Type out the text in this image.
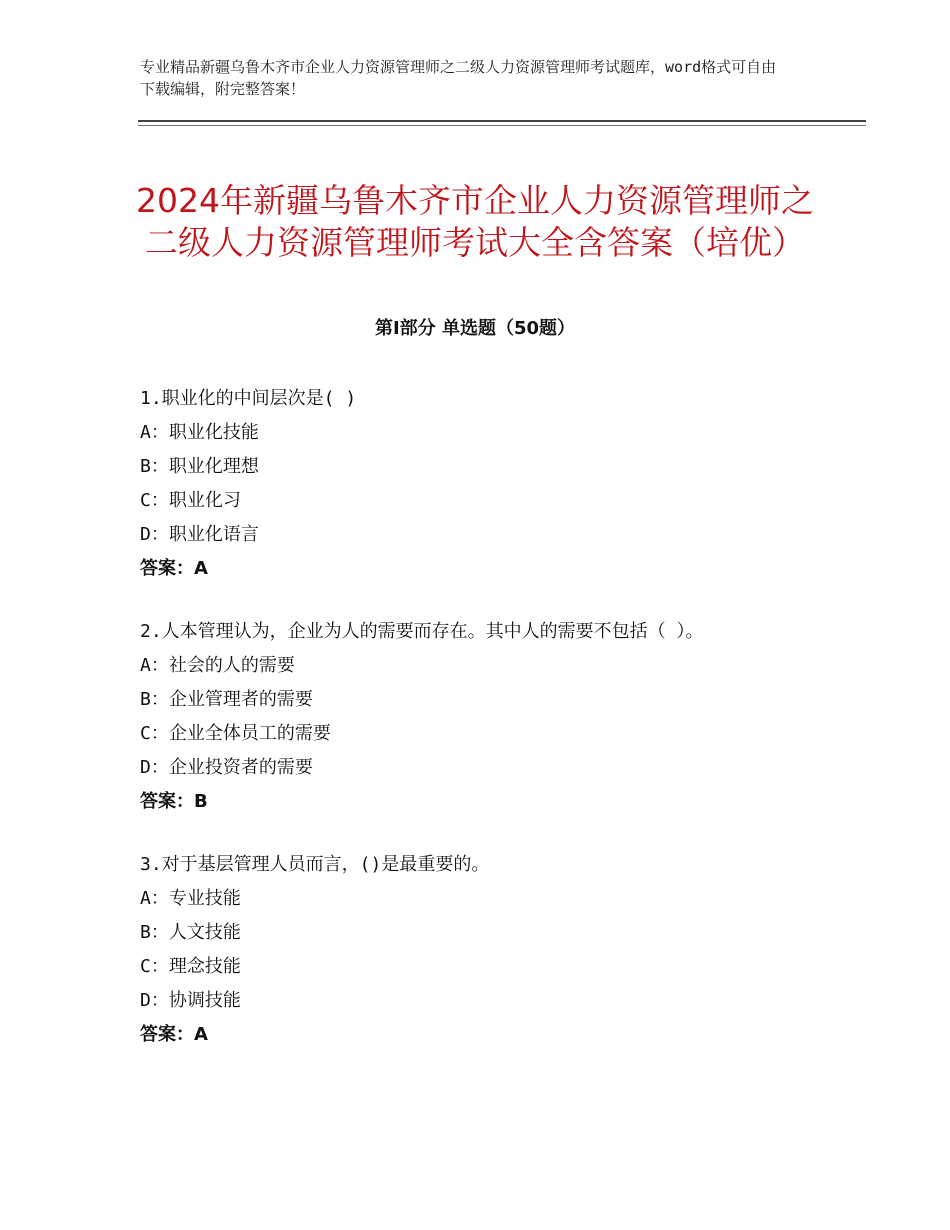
专业精品新疆乌鲁木齐市企业人力资源管理师之二级人力资源管理师考试题库，word格式可自由下载编辑，附完整答案！
2024年新疆乌鲁木齐市企业人力资源管理师之二级人力资源管理师考试大全含答案（培优）
第Ⅰ部分 单选题（50题）
1.职业化的中间层次是( )
A：职业化技能
B：职业化理想
C：职业化习
D：职业化语言
答案：A
2.人本管理认为，企业为人的需要而存在。其中人的需要不包括（ ）。
A：社会的人的需要
B：企业管理者的需要
C：企业全体员工的需要
D：企业投资者的需要
答案：B
3.对于基层管理人员而言，()是最重要的。
A：专业技能
B：人文技能
C：理念技能
D：协调技能
答案：A
